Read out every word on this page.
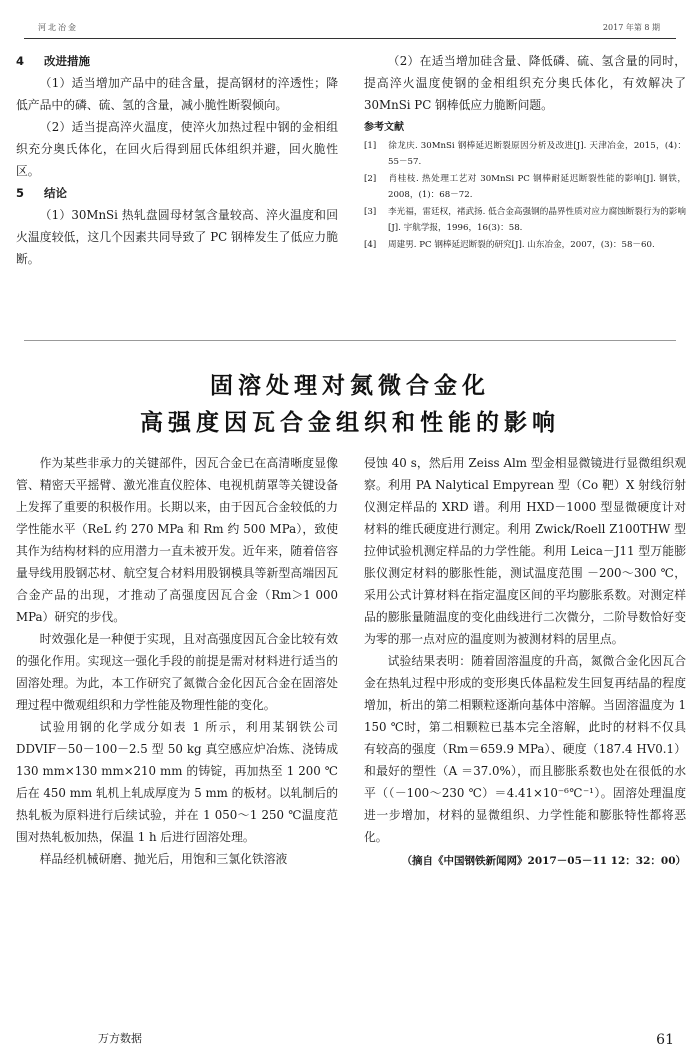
河北冶金	2017 年第 8 期
4 改进措施

（1）适当增加产品中的硅含量，提高钢材的淬透性；降低产品中的磷、硫、氢的含量，减小脆性断裂倾向。

（2）适当提高淬火温度，使淬火加热过程中钢的金相组织充分奥氏体化，在回火后得到屈氏体组织并避，回火脆性区。

5 结论

（1）30MnSi 热轧盘圆母材氢含量较高、淬火温度和回火温度较低，这几个因素共同导致了 PC 钢棒发生了低应力脆断。

（2）在适当增加硅含量、降低磷、硫、氢含量的同时，提高淬火温度使钢的金相组织充分奥氏体化，有效解决了 30MnSi PC 钢棒低应力脆断问题。

参考文献

[1] 徐龙庆. 30MnSi 钢棒延迟断裂原因分析及改进[J]. 天津冶金，2015，(4)：55－57.

[2] 肖桂枝. 热处理工艺对 30MnSi PC 钢棒耐延迟断裂性能的影响[J]. 钢铁，2008，(1)：68－72.

[3] 李光福，雷廷权，褚武扬. 低合金高强钢的晶界性质对应力腐蚀断裂行为的影响[J]. 宇航学报，1996，16(3)：58.

[4] 周建男. PC 钢棒延迟断裂的研究[J]. 山东冶金，2007，(3)：58－60.

固溶处理对氮微合金化
高强度因瓦合金组织和性能的影响

作为某些非承力的关键部件，因瓦合金已在高清晰度显像管、精密天平摇臂、激光准直仪腔体、电视机荫罩等关键设备上发挥了重要的积极作用。长期以来，由于因瓦合金较低的力学性能水平（ReL 约 270 MPa 和 Rm 约 500 MPa），致使其作为结构材料的应用潜力一直未被开发。近年来，随着倍容量导线用股钢芯材、航空复合材料用股钢模具等新型高端因瓦合金产品的出现，才推动了高强度因瓦合金（Rm＞1 000 MPa）研究的步伐。

时效强化是一种便于实现，且对高强度因瓦合金比较有效的强化作用。实现这一强化手段的前提是需对材料进行适当的固溶处理。为此，本工作研究了氮微合金化因瓦合金在固溶处理过程中微观组织和力学性能及物理性能的变化。

试验用钢的化学成分如表 1 所示，利用某钢铁公司 DDVIF－50－100－2.5 型 50 kg 真空感应炉冶炼、浇铸成 130 mm×130 mm×210 mm 的铸锭，再加热至 1 200 ℃后在 450 mm 轧机上轧成厚度为 5 mm 的板材。以轧制后的热轧板为原料进行后续试验，并在 1 050～1 250 ℃温度范围对热轧板加热，保温 1 h 后进行固溶处理。

样品经机械研磨、抛光后，用饱和三氯化铁溶液

侵蚀 40 s，然后用 Zeiss Alm 型金相显微镜进行显微组织观察。利用 PA Nalytical Empyrean 型（Co 靶）X 射线衍射仪测定样品的 XRD 谱。利用 HXD－1000 型显微硬度计对材料的维氏硬度进行测定。利用 Zwick/Roell Z100THW 型拉伸试验机测定样品的力学性能。利用 Leica－J11 型万能膨胀仪测定材料的膨胀性能，测试温度范围 －200～300 ℃，采用公式计算材料在指定温度区间的平均膨胀系数。对测定样品的膨胀量随温度的变化曲线进行二次微分，二阶导数恰好变为零的那一点对应的温度则为被测材料的居里点。

试验结果表明：随着固溶温度的升高，氮微合金化因瓦合金在热轧过程中形成的变形奥氏体晶粒发生回复再结晶的程度增加，析出的第二相颗粒逐渐向基体中溶解。当固溶温度为 1 150 ℃时，第二相颗粒已基本完全溶解，此时的材料不仅具有较高的强度（Rm＝659.9 MPa）、硬度（187.4 HV0.1）和最好的塑性（A ＝37.0%），而且膨胀系数也处在很低的水平（（－100～230 ℃）＝4.41×10⁻⁶℃⁻¹）。固溶处理温度进一步增加，材料的显微组织、力学性能和膨胀特性都将恶化。

（摘自《中国钢铁新闻网》2017－05－11 12：32：00）
万方数据	61
